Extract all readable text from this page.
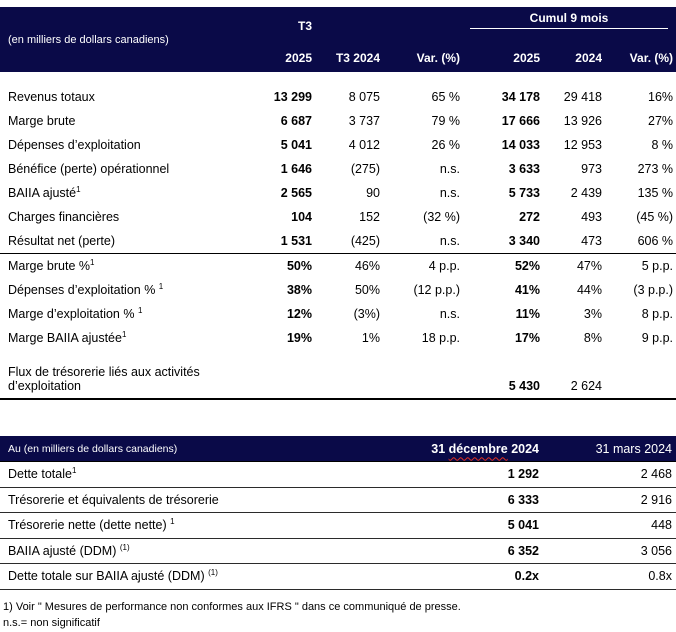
(en milliers de dollars canadiens)	T3			Cumul 9 mois		

	2025	T3 2024	Var. (%)	2025	2024	Var. (%)
Revenus totaux	13 299	8 075	65 %	34 178	29 418	16%
Marge brute	6 687	3 737	79 %	17 666	13 926	27%
Dépenses d’exploitation	5 041	4 012	26 %	14 033	12 953	8 %
Bénéfice (perte) opérationnel	1 646	(275)	n.s.	3 633	973	273 %
BAIIA ajusté$^1$	2 565	90	n.s.	5 733	2 439	135 %
Charges financières	104	152	(32 %)	272	493	(45 %)
Résultat net (perte)	1 531	(425)	n.s.	3 340	473	606 %
Marge brute %$^1$	50%	46%	4 p.p.	52%	47%	5 p.p.
Dépenses d’exploitation % $^1$	38%	50%	(12 p.p.)	41%	44%	(3 p.p.)
Marge d’exploitation % $^1$	12%	(3%)	n.s.	11%	3%	8 p.p.
Marge BAIIA ajustée$^1$	19%	1%	18 p.p.	17%	8%	9 p.p.
Flux de trésorerie liés aux activités d’exploitation				5 430	2 624	
Au (en milliers de dollars canadiens)	31 décembre 2024	31 mars 2024
Dette totale$^1$	1 292	2 468
Trésorerie et équivalents de trésorerie	6 333	2 916
Trésorerie nette (dette nette) $^1$	5 041	448
BAIIA ajusté (DDM) $^{(1)}$	6 352	3 056
Dette totale sur BAIIA ajusté (DDM) $^{(1)}$	0.2x	0.8x
1) Voir " Mesures de performance non conformes aux IFRS " dans ce communiqué de presse.
n.s.= non significatif
